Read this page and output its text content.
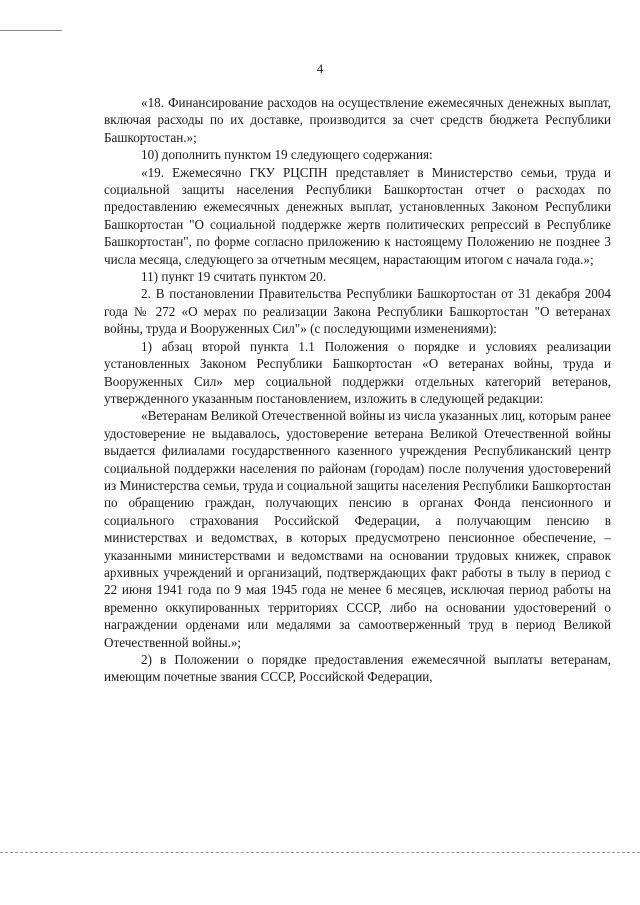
4

«18. Финансирование расходов на осуществление ежемесячных денежных выплат, включая расходы по их доставке, производится за счет средств бюджета Республики Башкортостан.»;

10) дополнить пунктом 19 следующего содержания:

«19. Ежемесячно ГКУ РЦСПН представляет в Министерство семьи, труда и социальной защиты населения Республики Башкортостан отчет о расходах по предоставлению ежемесячных денежных выплат, установленных Законом Республики Башкортостан "О социальной поддержке жертв политических репрессий в Республике Башкортостан", по форме согласно приложению к настоящему Положению не позднее 3 числа месяца, следующего за отчетным месяцем, нарастающим итогом с начала года.»;

11) пункт 19 считать пунктом 20.

2. В постановлении Правительства Республики Башкортостан от 31 декабря 2004 года № 272 «О мерах по реализации Закона Республики Башкортостан "О ветеранах войны, труда и Вооруженных Сил"» (с последующими изменениями):

1) абзац второй пункта 1.1 Положения о порядке и условиях реализации установленных Законом Республики Башкортостан «О ветеранах войны, труда и Вооруженных Сил» мер социальной поддержки отдельных категорий ветеранов, утвержденного указанным постановлением, изложить в следующей редакции:

«Ветеранам Великой Отечественной войны из числа указанных лиц, которым ранее удостоверение не выдавалось, удостоверение ветерана Великой Отечественной войны выдается филиалами государственного казенного учреждения Республиканский центр социальной поддержки населения по районам (городам) после получения удостоверений из Министерства семьи, труда и социальной защиты населения Республики Башкортостан по обращению граждан, получающих пенсию в органах Фонда пенсионного и социального страхования Российской Федерации, а получающим пенсию в министерствах и ведомствах, в которых предусмотрено пенсионное обеспечение, – указанными министерствами и ведомствами на основании трудовых книжек, справок архивных учреждений и организаций, подтверждающих факт работы в тылу в период с 22 июня 1941 года по 9 мая 1945 года не менее 6 месяцев, исключая период работы на временно оккупированных территориях СССР, либо на основании удостоверений о награждении орденами или медалями за самоотверженный труд в период Великой Отечественной войны.»;

2) в Положении о порядке предоставления ежемесячной выплаты ветеранам, имеющим почетные звания СССР, Российской Федерации,
